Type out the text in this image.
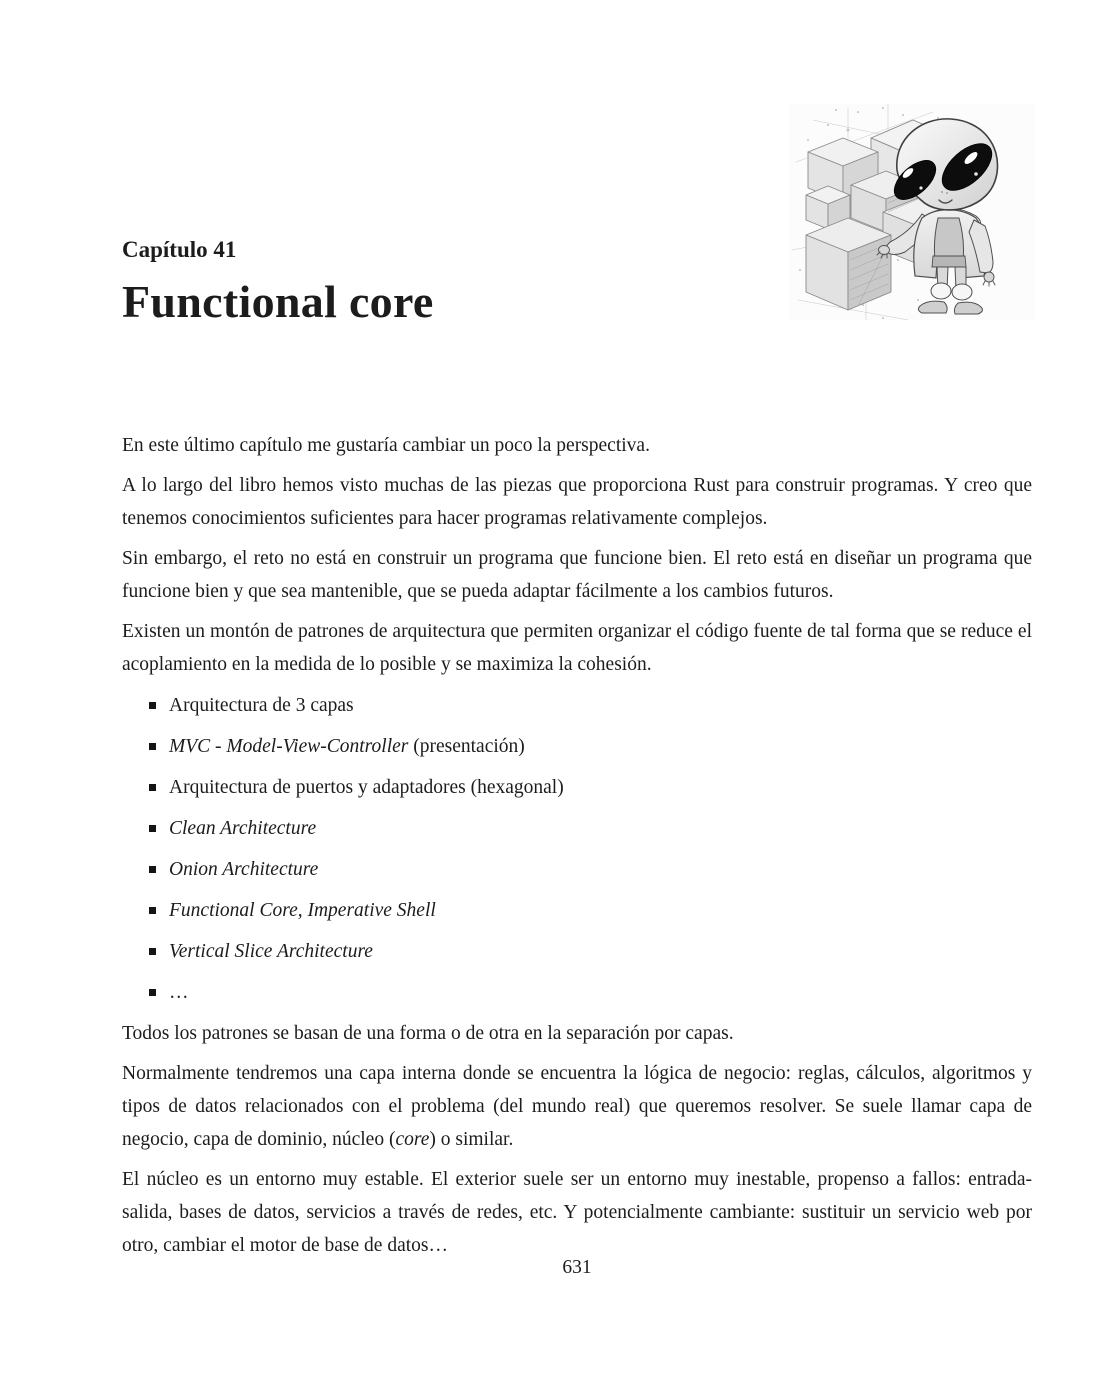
Capítulo 41
Functional core

En este último capítulo me gustaría cambiar un poco la perspectiva.

A lo largo del libro hemos visto muchas de las piezas que proporciona Rust para construir programas. Y creo que tenemos conocimientos suficientes para hacer programas relativamente complejos.

Sin embargo, el reto no está en construir un programa que funcione bien. El reto está en diseñar un programa que funcione bien y que sea mantenible, que se pueda adaptar fácilmente a los cambios futuros.

Existen un montón de patrones de arquitectura que permiten organizar el código fuente de tal forma que se reduce el acoplamiento en la medida de lo posible y se maximiza la cohesión.

Arquitectura de 3 capas
MVC - Model-View-Controller (presentación)
Arquitectura de puertos y adaptadores (hexagonal)
Clean Architecture
Onion Architecture
Functional Core, Imperative Shell
Vertical Slice Architecture
…

Todos los patrones se basan de una forma o de otra en la separación por capas.

Normalmente tendremos una capa interna donde se encuentra la lógica de negocio: reglas, cálculos, algoritmos y tipos de datos relacionados con el problema (del mundo real) que queremos resolver. Se suele llamar capa de negocio, capa de dominio, núcleo (core) o similar.

El núcleo es un entorno muy estable. El exterior suele ser un entorno muy inestable, propenso a fallos: entrada-salida, bases de datos, servicios a través de redes, etc. Y potencialmente cambiante: sustituir un servicio web por otro, cambiar el motor de base de datos…

631
